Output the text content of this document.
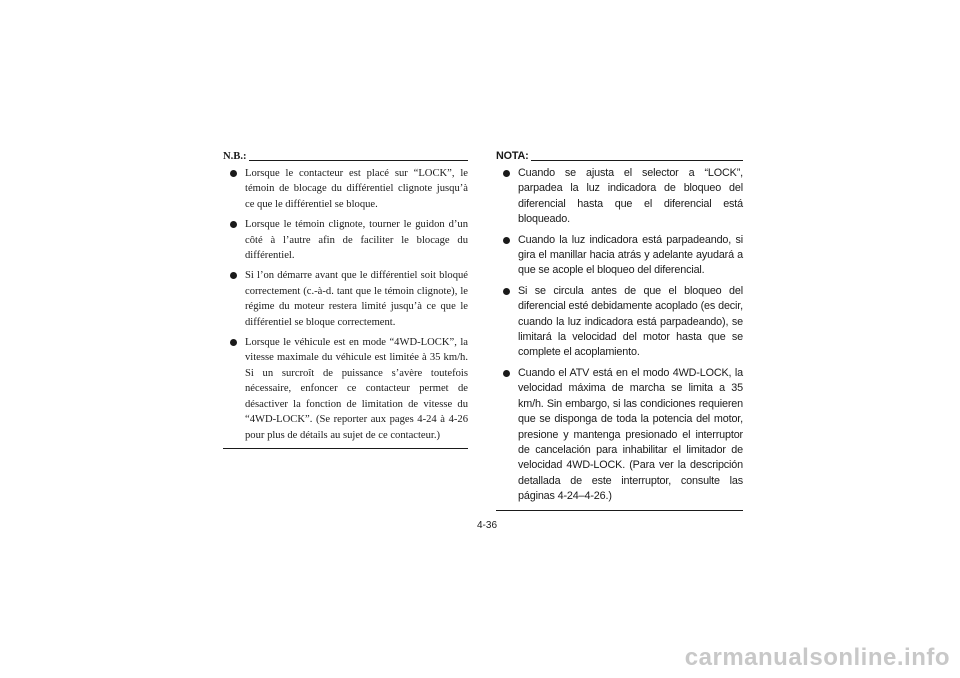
N.B.:
Lorsque le contacteur est placé sur “LOCK”, le témoin de blocage du différentiel clignote jusqu’à ce que le différentiel se bloque.
Lorsque le témoin clignote, tourner le guidon d’un côté à l’autre afin de faciliter le blocage du différentiel.
Si l’on démarre avant que le différentiel soit bloqué correctement (c.-à-d. tant que le témoin clignote), le régime du moteur restera limité jusqu’à ce que le différentiel se bloque correctement.
Lorsque le véhicule est en mode “4WD-LOCK”, la vitesse maximale du véhicule est limitée à 35 km/h. Si un surcroît de puissance s’avère toutefois nécessaire, enfoncer ce contacteur permet de désactiver la fonction de limitation de vitesse du “4WD-LOCK”. (Se reporter aux pages 4-24 à 4-26 pour plus de détails au sujet de ce contacteur.)
NOTA:
Cuando se ajusta el selector a “LOCK”, parpadea la luz indicadora de bloqueo del diferencial hasta que el diferencial está bloqueado.
Cuando la luz indicadora está parpadeando, si gira el manillar hacia atrás y adelante ayudará a que se acople el bloqueo del diferencial.
Si se circula antes de que el bloqueo del diferencial esté debidamente acoplado (es decir, cuando la luz indicadora está parpadeando), se limitará la velocidad del motor hasta que se complete el acoplamiento.
Cuando el ATV está en el modo 4WD-LOCK, la velocidad máxima de marcha se limita a 35 km/h. Sin embargo, si las condiciones requieren que se disponga de toda la potencia del motor, presione y mantenga presionado el interruptor de cancelación para inhabilitar el limitador de velocidad 4WD-LOCK. (Para ver la descripción detallada de este interruptor, consulte las páginas 4-24–4-26.)
4-36
carmanualsonline.info
